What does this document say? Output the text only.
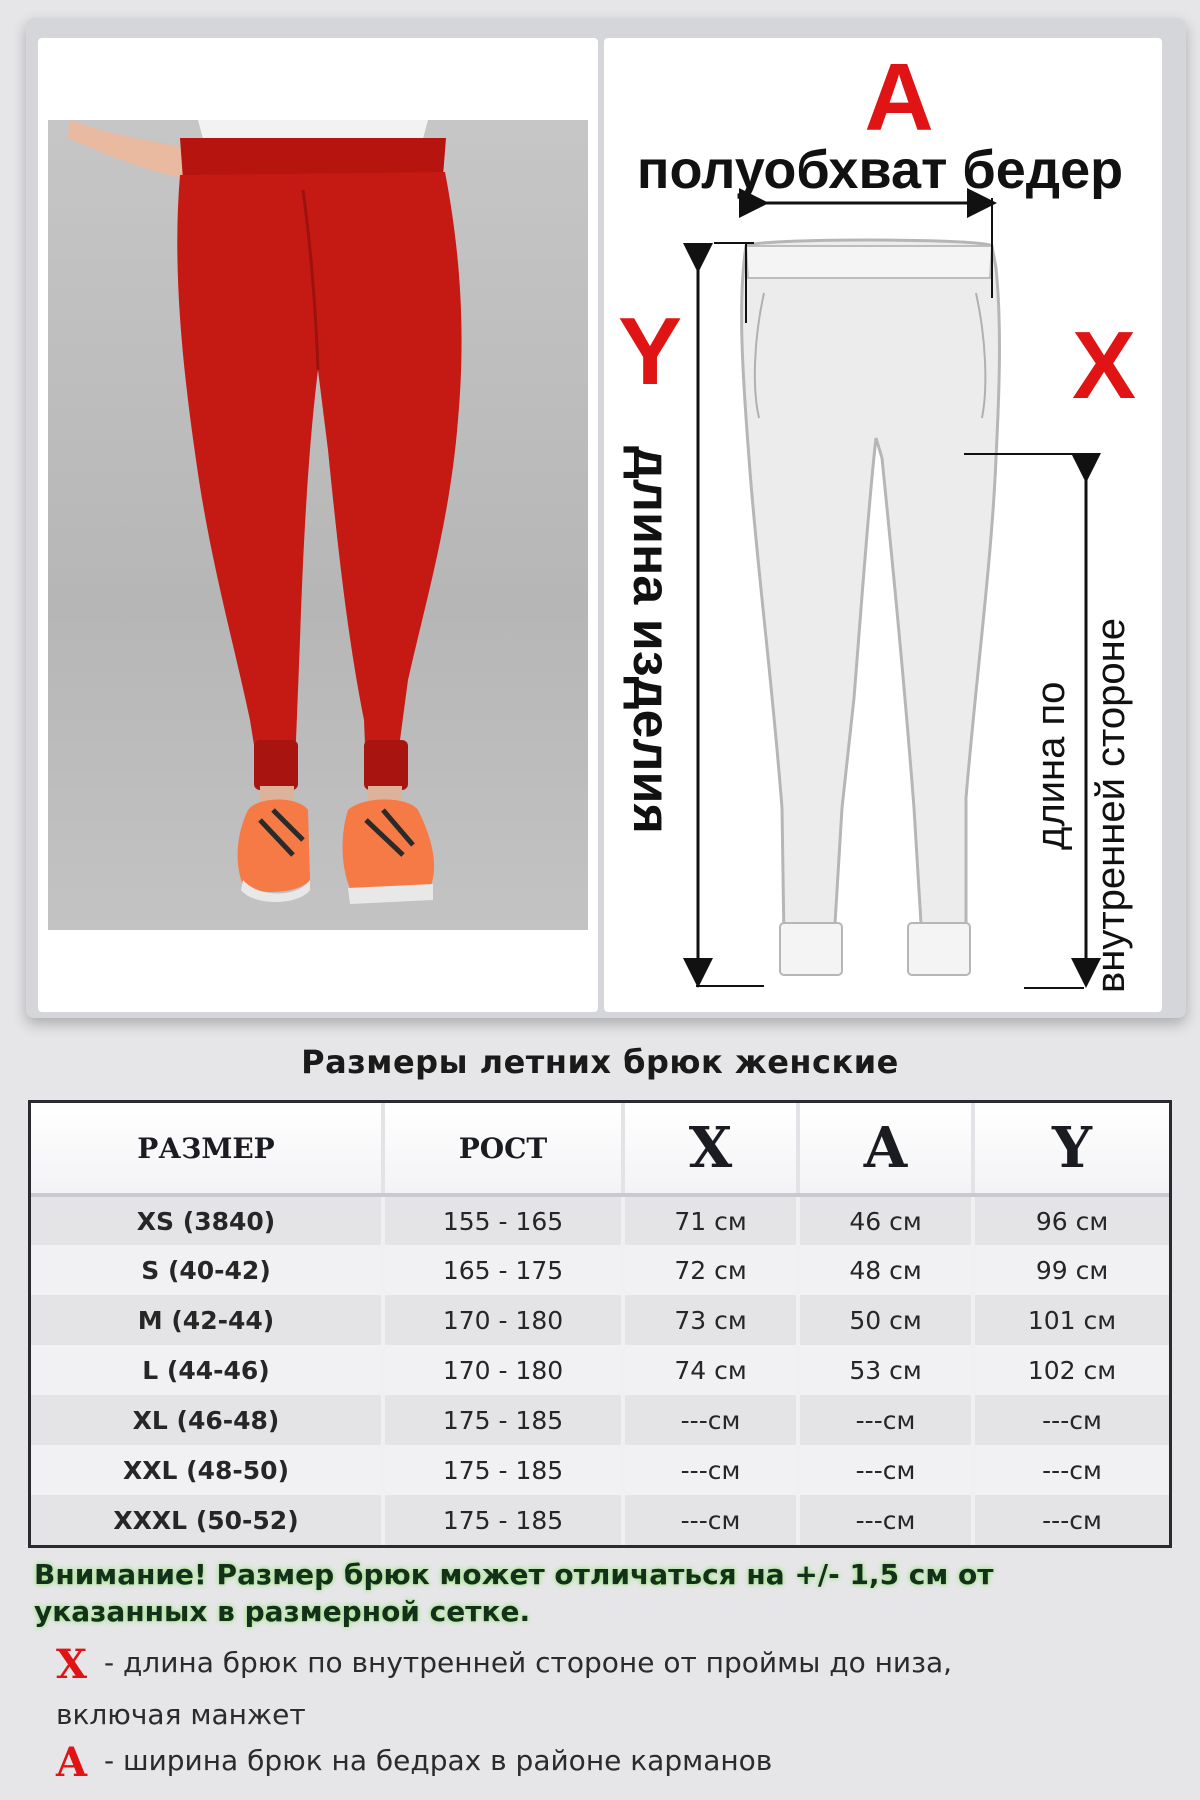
A
Y	X
полуобхват бедер
длина изделия	длина по внутренней стороне
Размеры летних брюк женские
РАЗМЕР	РОСТ	X	A	Y
XS (3840)	155 - 165	71 см	46 см	96 см
S (40-42)	165 - 175	72 см	48 см	99 см
M (42-44)	170 - 180	73 см	50 см	101 см
L (44-46)	170 - 180	74 см	53 см	102 см
XL (46-48)	175 - 185	---см	---см	---см
XXL (48-50)	175 - 185	---см	---см	---см
XXXL (50-52)	175 - 185	---см	---см	---см
Внимание! Размер брюк может отличаться на +/- 1,5 см от
указанных в размерной сетке.
X - длина брюк по внутренней стороне от проймы до низа,
включая манжет
A - ширина брюк на бедрах в районе карманов
